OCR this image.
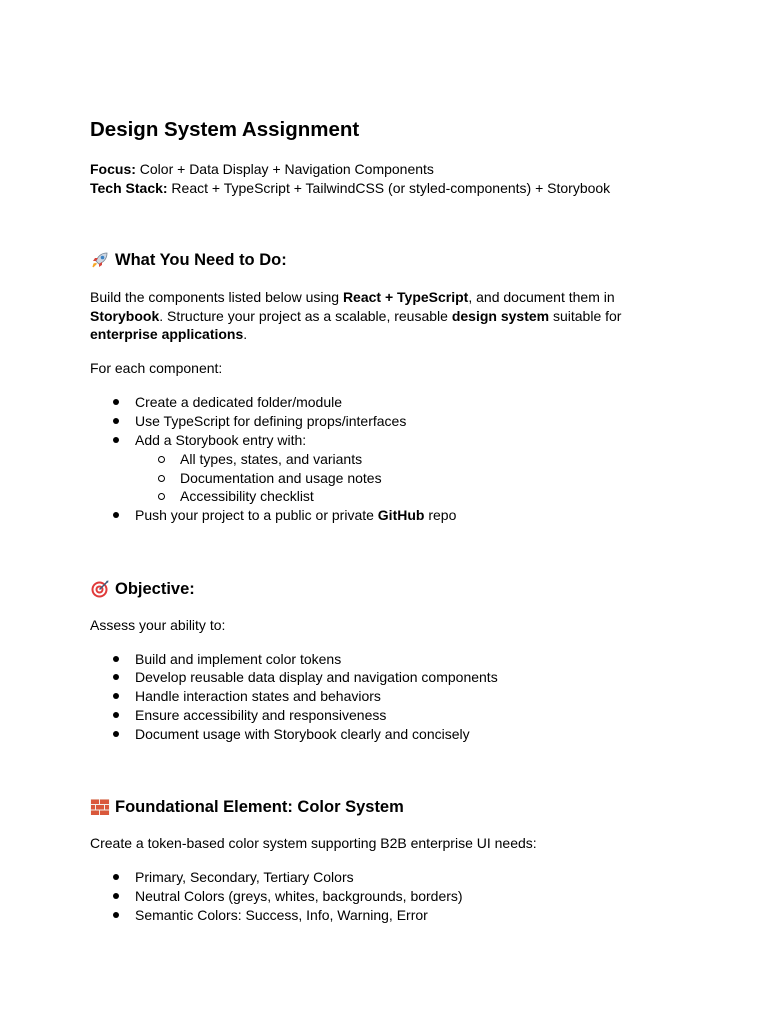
Design System Assignment

Focus: Color + Data Display + Navigation Components

Tech Stack: React + TypeScript + TailwindCSS (or styled-components) + Storybook

What You Need to Do:

Build the components listed below using React + TypeScript, and document them in

Storybook. Structure your project as a scalable, reusable design system suitable for

enterprise applications.

For each component:

Create a dedicated folder/module

Use TypeScript for defining props/interfaces

Add a Storybook entry with:

All types, states, and variants

Documentation and usage notes

Accessibility checklist

Push your project to a public or private GitHub repo

Objective:

Assess your ability to:

Build and implement color tokens

Develop reusable data display and navigation components

Handle interaction states and behaviors

Ensure accessibility and responsiveness

Document usage with Storybook clearly and concisely

Foundational Element: Color System

Create a token-based color system supporting B2B enterprise UI needs:

Primary, Secondary, Tertiary Colors

Neutral Colors (greys, whites, backgrounds, borders)

Semantic Colors: Success, Info, Warning, Error
